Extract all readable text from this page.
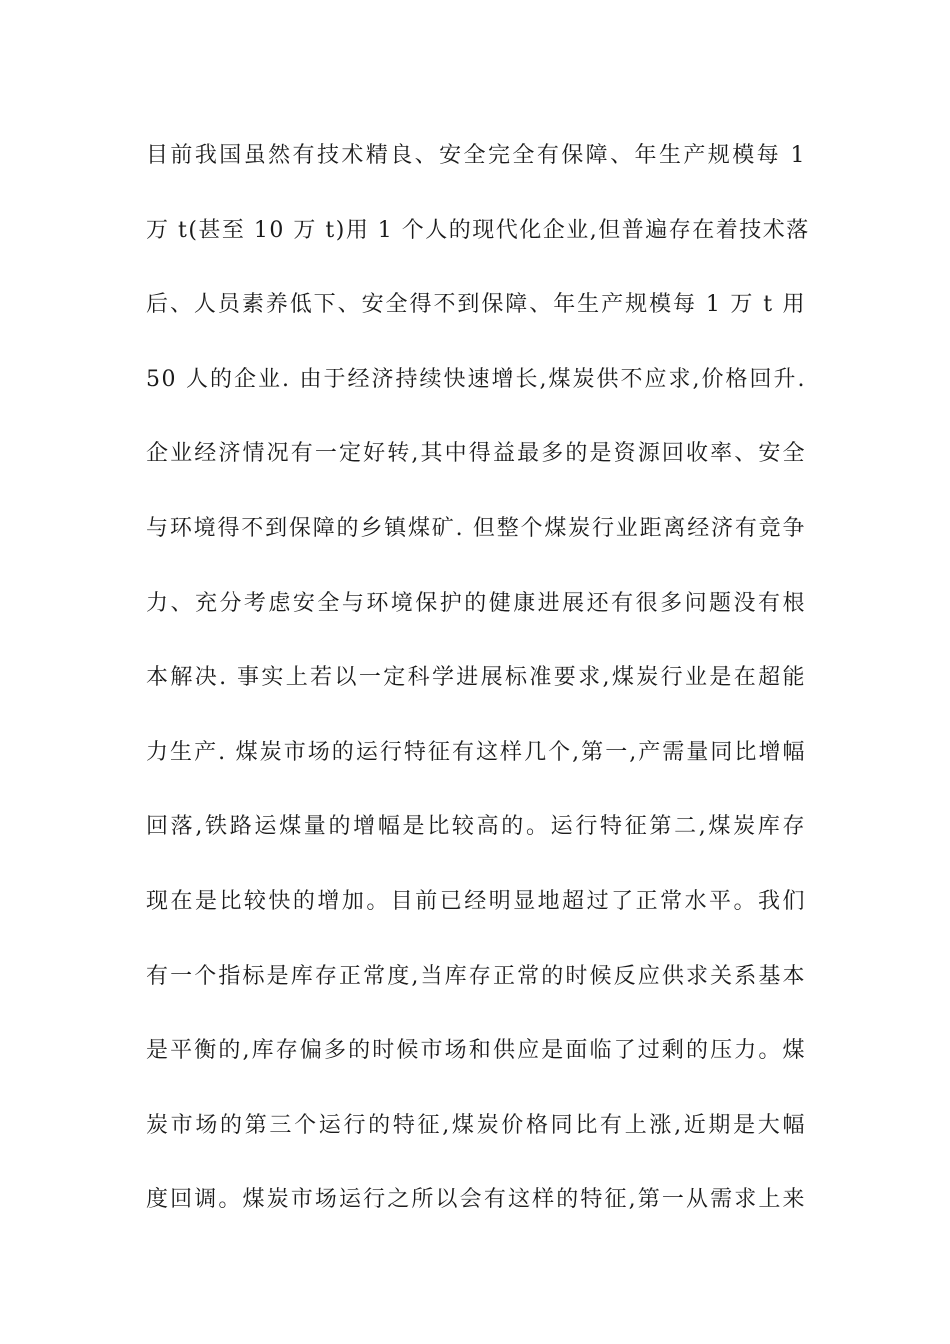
目前我国虽然有技术精良、安全完全有保障、年生产规模每 1
万 t(甚至 10 万 t)用 1 个人的现代化企业,但普遍存在着技术落
后、人员素养低下、安全得不到保障、年生产规模每 1 万 t 用
50 人的企业. 由于经济持续快速增长,煤炭供不应求,价格回升.
企业经济情况有一定好转,其中得益最多的是资源回收率、安全
与环境得不到保障的乡镇煤矿. 但整个煤炭行业距离经济有竞争
力、充分考虑安全与环境保护的健康进展还有很多问题没有根
本解决. 事实上若以一定科学进展标准要求,煤炭行业是在超能
力生产. 煤炭市场的运行特征有这样几个,第一,产需量同比增幅
回落,铁路运煤量的增幅是比较高的。运行特征第二,煤炭库存
现在是比较快的增加。目前已经明显地超过了正常水平。我们
有一个指标是库存正常度,当库存正常的时候反应供求关系基本
是平衡的,库存偏多的时候市场和供应是面临了过剩的压力。煤
炭市场的第三个运行的特征,煤炭价格同比有上涨,近期是大幅
度回调。煤炭市场运行之所以会有这样的特征,第一从需求上来
